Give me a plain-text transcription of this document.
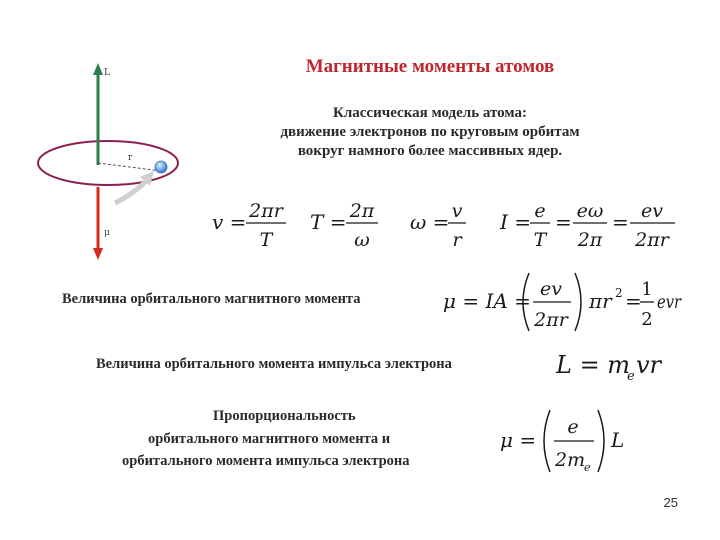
L
r
μ
Магнитные моменты атомов
Классическая модель атома:
движение электронов по круговым орбитам
вокруг намного более массивных ядер.
v = 2πr
T
T = 2π
ω
ω = v
r
I = e
T
= eω
2π
= ev
2πr
Величина орбитального магнитного момента	μ = IA = ev
2πr
πr 2 = 1
2
evr
Величина орбитального момента импульса электрона	L = m
e vr
Пропорциональность
орбитального магнитного момента и
орбитального момента импульса электрона
μ =
e
2m
e
L
25
